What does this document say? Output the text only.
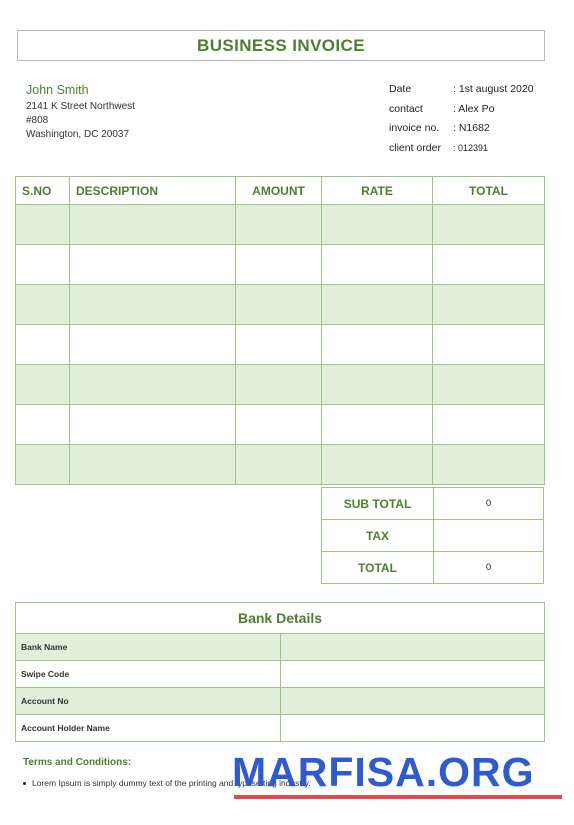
BUSINESS INVOICE
John Smith
2141 K Street Northwest
#808
Washington, DC 20037
Date	: 1st august 2020
contact	: Alex Po
invoice no. : N1682
client order : 012391
S.NO	DESCRIPTION	AMOUNT	RATE	TOTAL

SUB TOTAL	0
TAX	
TOTAL	0
Bank Details	
Bank Name	
Swipe Code	
Account No	
Account Holder Name	
Terms and Conditions:
Lorem Ipsum is simply dummy text of the printing and typesetting industry.
MARFISA.ORG
